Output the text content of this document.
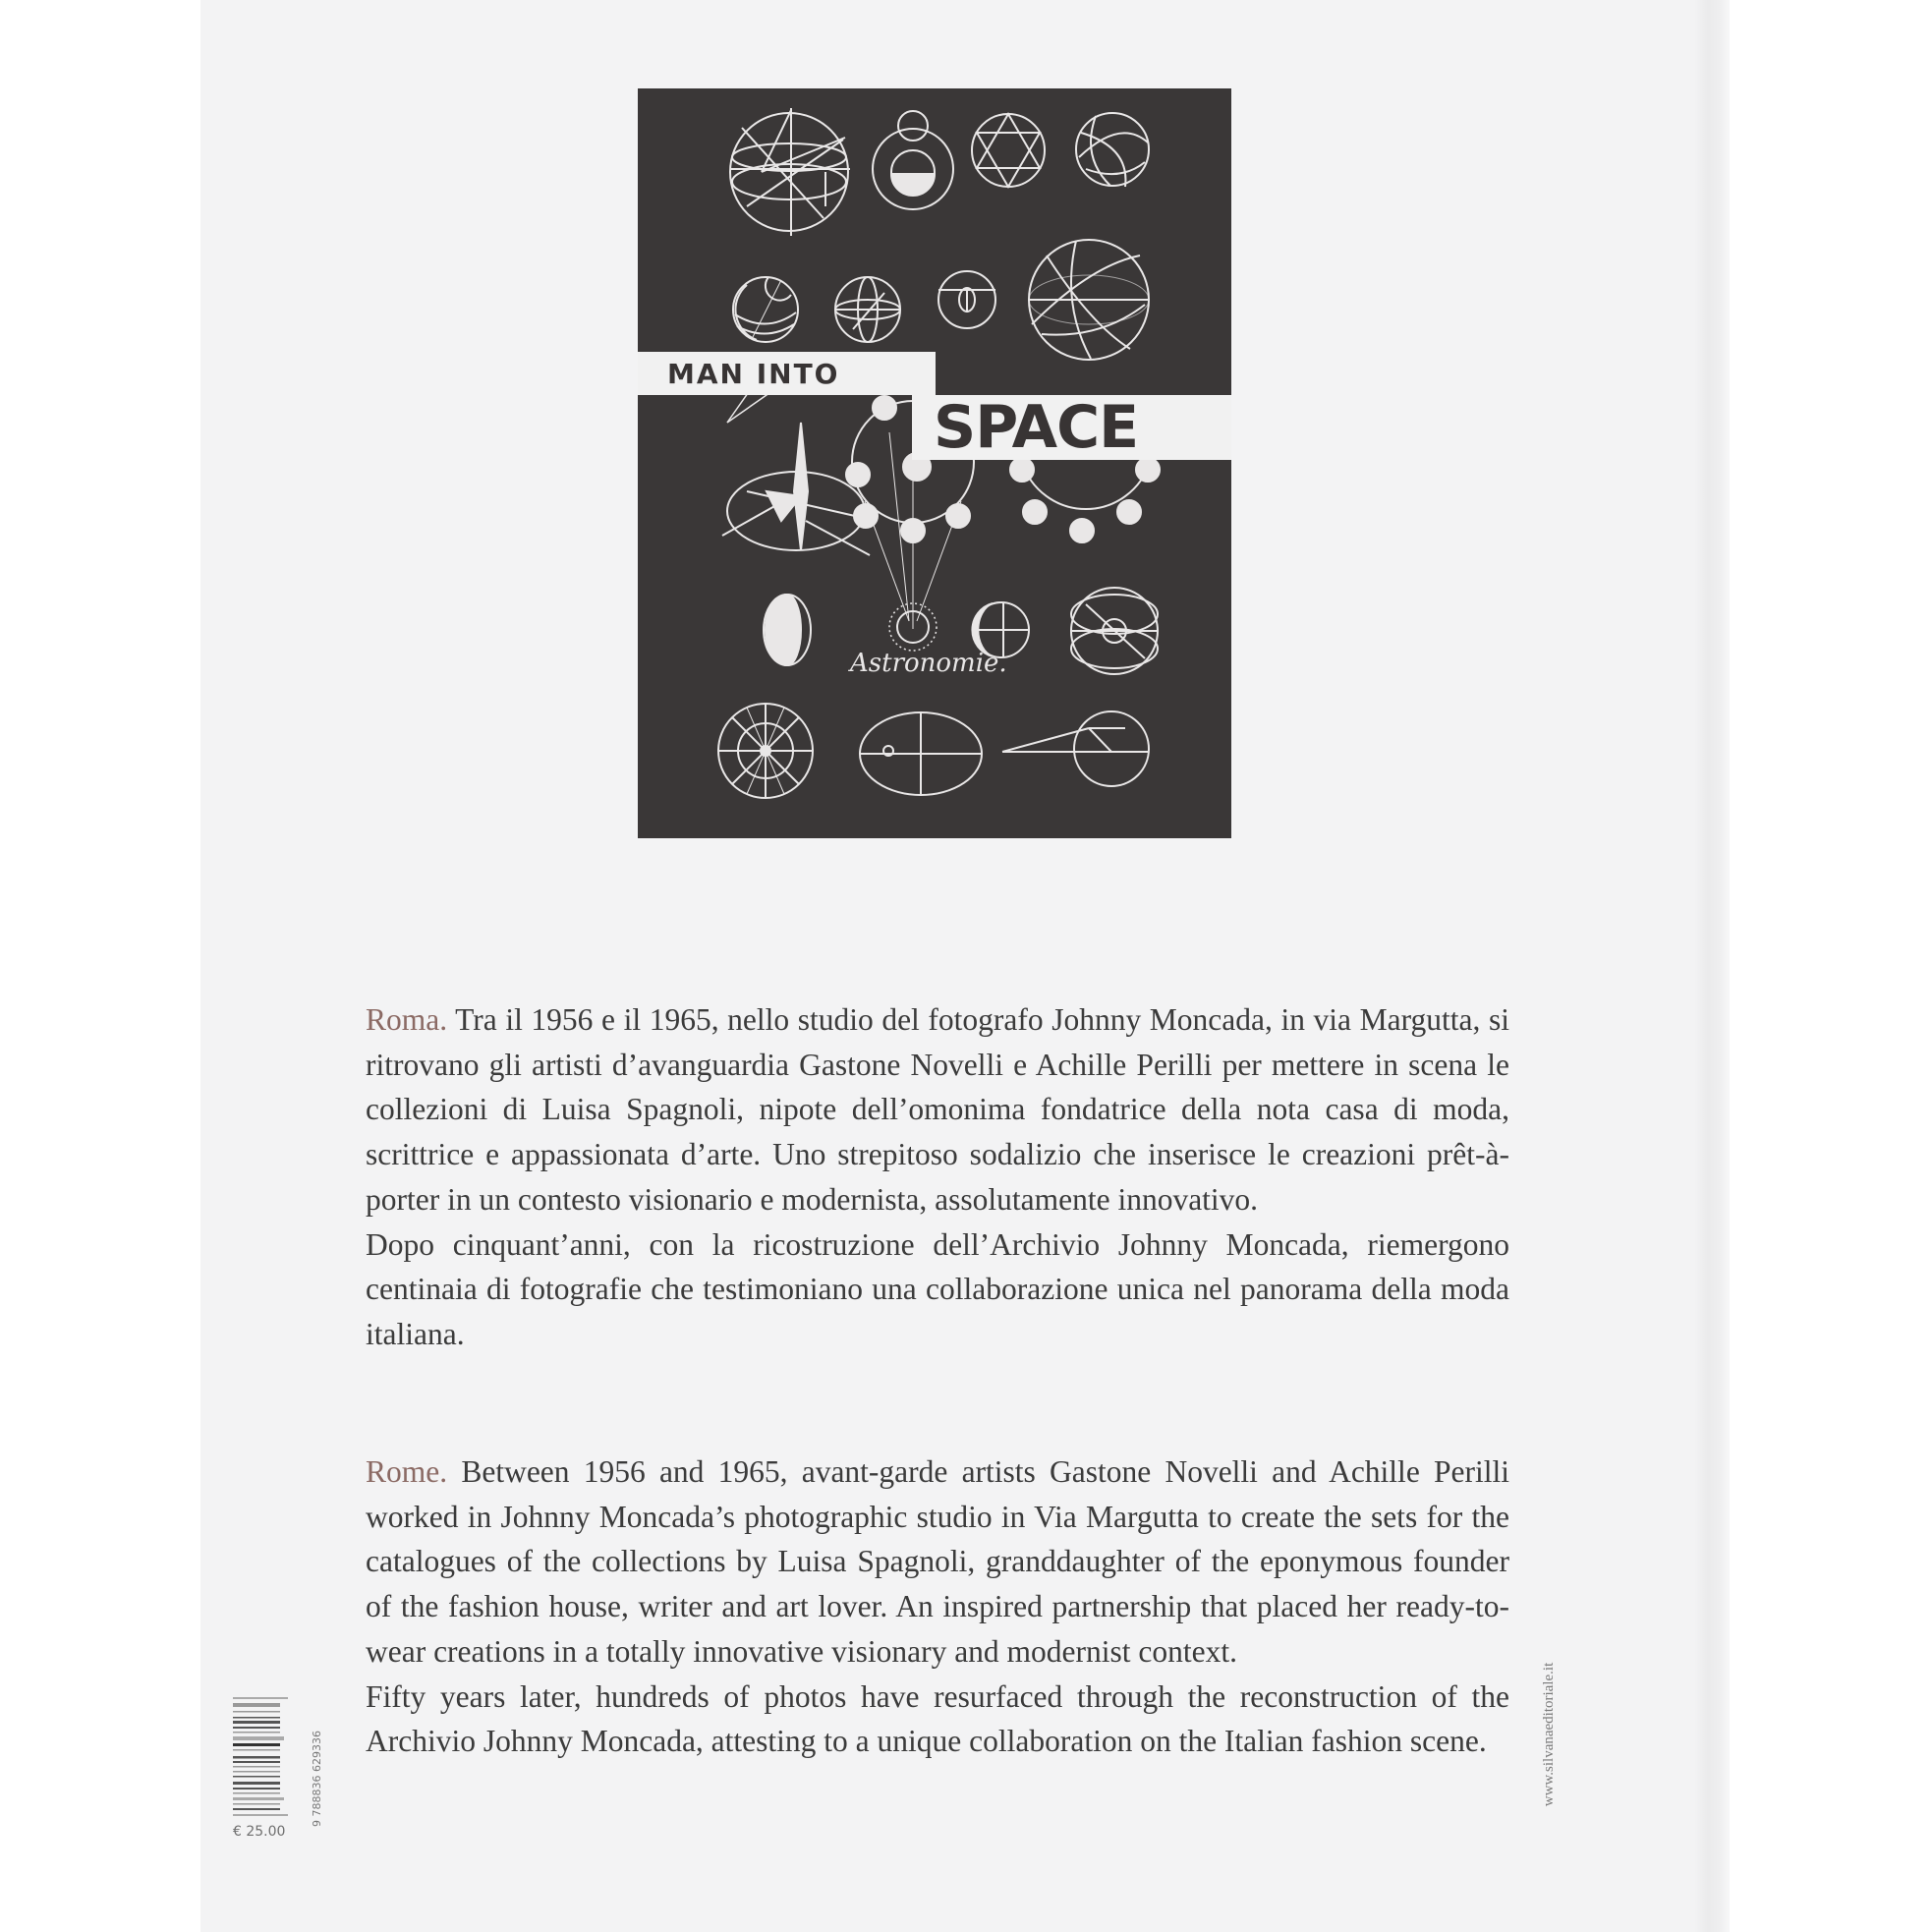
MAN INTO
SPACE
Astronomie.

Roma. Tra il 1956 e il 1965, nello studio del fotografo Johnny Moncada, in via Margutta, si ritrovano gli artisti d’avanguardia Gastone Novelli e Achille Perilli per mettere in scena le collezioni di Luisa Spagnoli, nipote dell’omonima fondatrice della nota casa di moda, scrittrice e appassionata d’arte. Uno strepitoso sodalizio che inserisce le creazioni prêt-à-porter in un contesto visionario e modernista, assolutamente innovativo.

Dopo cinquant’anni, con la ricostruzione dell’Archivio Johnny Moncada, riemergono centinaia di fotografie che testimoniano una collaborazione unica nel panorama della moda italiana.

Rome. Between 1956 and 1965, avant-garde artists Gastone Novelli and Achille Perilli worked in Johnny Moncada’s photographic studio in Via Margutta to create the sets for the catalogues of the collections by Luisa Spagnoli, granddaughter of the eponymous founder of the fashion house, writer and art lover. An inspired partnership that placed her ready-to-wear creations in a totally innovative visionary and modernist context.

Fifty years later, hundreds of photos have resurfaced through the reconstruction of the Archivio Johnny Moncada, attesting to a unique collaboration on the Italian fashion scene.

9 788836 629336
€ 25.00
www.silvanaeditoriale.it
